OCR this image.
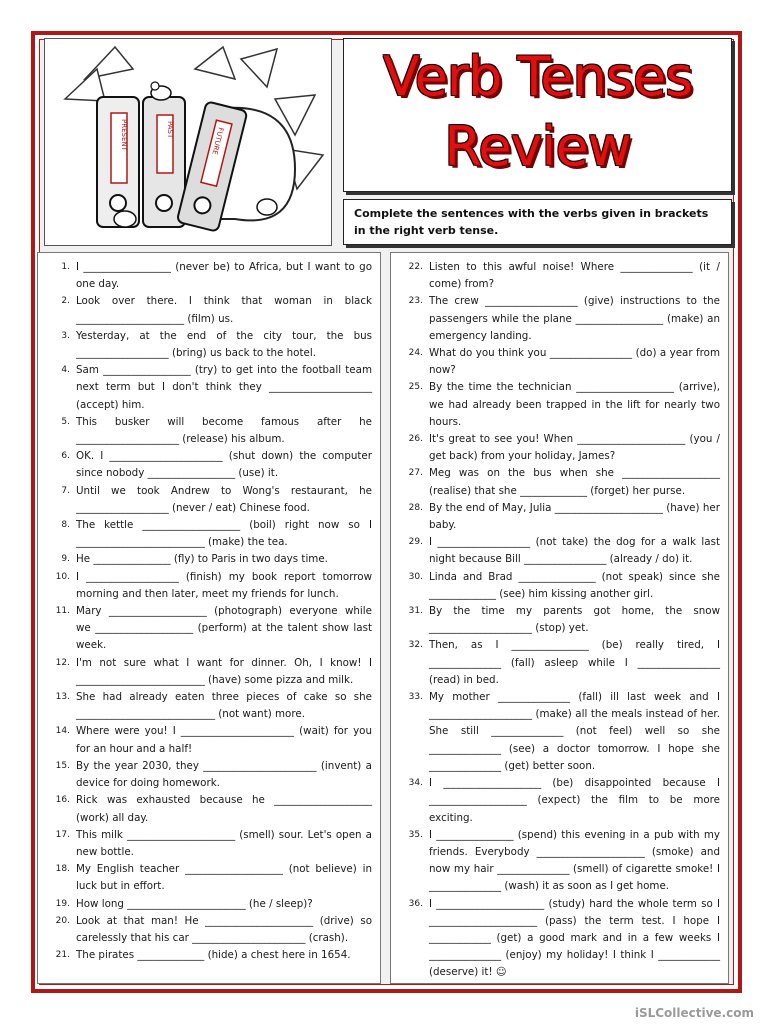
PRESENT	PAST	FUTURE
Verb Tenses
Review
Complete the sentences with the verbs given in brackets in the right verb tense.
1. I _________________ (never be) to Africa, but I want to go one day.
2. Look over there. I think that woman in black _____________________ (film) us.
3. Yesterday, at the end of the city tour, the bus __________________ (bring) us back to the hotel.
4. Sam _________________ (try) to get into the football team next term but I don't think they ____________________ (accept) him.
5. This busker will become famous after he ____________________ (release) his album.
6. OK. I ______________________ (shut down) the computer since nobody _________________ (use) it.
7. Until we took Andrew to Wong's restaurant, he __________________ (never / eat) Chinese food.
8. The kettle ___________________ (boil) right now so I _________________________ (make) the tea.
9. He _______________ (fly) to Paris in two days time.
10. I __________________ (finish) my book report tomorrow morning and then later, meet my friends for lunch.
11. Mary ___________________ (photograph) everyone while we ___________________ (perform) at the talent show last week.
12. I'm not sure what I want for dinner. Oh, I know! I _________________________ (have) some pizza and milk.
13. She had already eaten three pieces of cake so she ___________________________ (not want) more.
14. Where were you! I ______________________ (wait) for you for an hour and a half!
15. By the year 2030, they ______________________ (invent) a device for doing homework.
16. Rick was exhausted because he ___________________ (work) all day.
17. This milk _____________________ (smell) sour. Let's open a new bottle.
18. My English teacher ___________________ (not believe) in luck but in effort.
19. How long _______________________ (he / sleep)?
20. Look at that man! He _____________________ (drive) so carelessly that his car ______________________ (crash).
21. The pirates _____________ (hide) a chest here in 1654.
22. Listen to this awful noise! Where ______________ (it / come) from?
23. The crew __________________ (give) instructions to the passengers while the plane _________________ (make) an emergency landing.
24. What do you think you ________________ (do) a year from now?
25. By the time the technician ___________________ (arrive), we had already been trapped in the lift for nearly two hours.
26. It's great to see you! When _____________________ (you / get back) from your holiday, James?
27. Meg was on the bus when she ___________________ (realise) that she _____________ (forget) her purse.
28. By the end of May, Julia _____________________ (have) her baby.
29. I __________________ (not take) the dog for a walk last night because Bill ________________ (already / do) it.
30. Linda and Brad _______________ (not speak) since she _____________ (see) him kissing another girl.
31. By the time my parents got home, the snow ____________________ (stop) yet.
32. Then, as I _______________ (be) really tired, I ______________ (fall) asleep while I ________________ (read) in bed.
33. My mother ______________ (fall) ill last week and I ____________________ (make) all the meals instead of her. She still ______________ (not feel) well so she ______________ (see) a doctor tomorrow. I hope she ______________ (get) better soon.
34. I ___________________ (be) disappointed because I ___________________ (expect) the film to be more exciting.
35. I _______________ (spend) this evening in a pub with my friends. Everybody _____________________ (smoke) and now my hair ______________ (smell) of cigarette smoke! I ______________ (wash) it as soon as I get home.
36. I _____________________ (study) hard the whole term so I _____________________ (pass) the term test. I hope I ____________ (get) a good mark and in a few weeks I ______________ (enjoy) my holiday! I think I ____________ (deserve) it! ☺
iSLCollective.com
